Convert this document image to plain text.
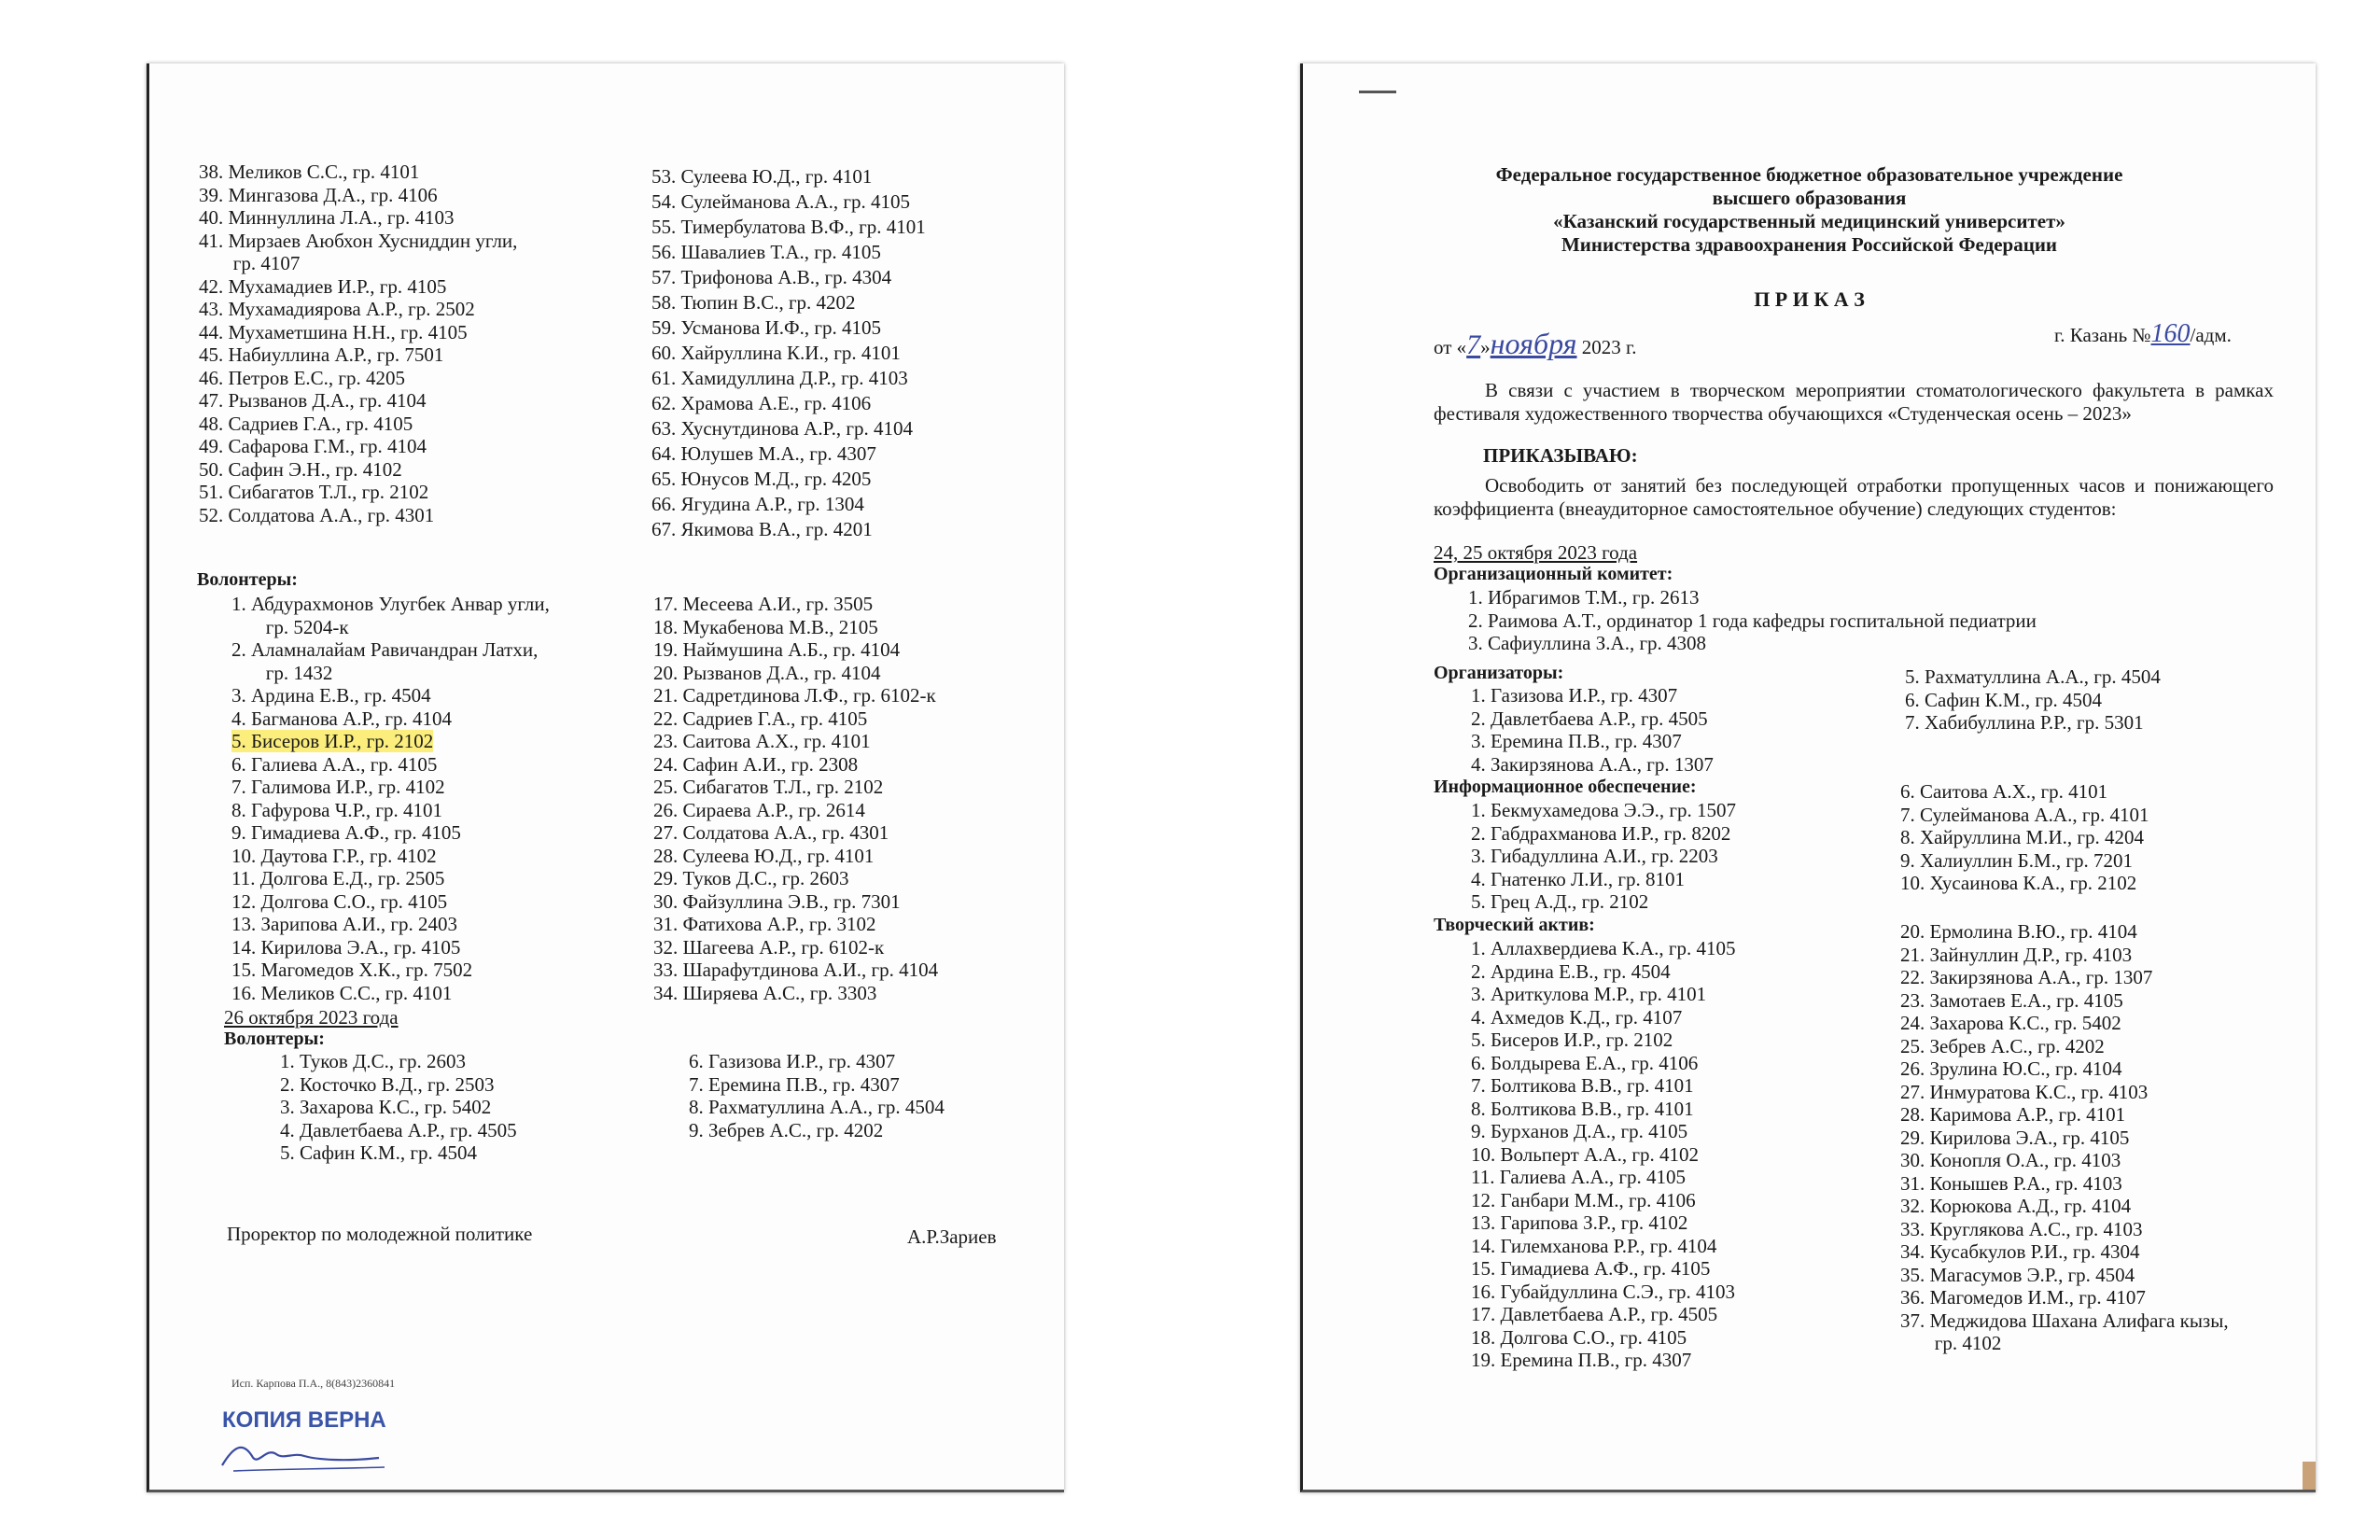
38. Меликов С.С., гр. 4101
39. Мингазова Д.А., гр. 4106
40. Миннуллина Л.А., гр. 4103
41. Мирзаев Аюбхон Хусниддин угли,
гр. 4107
42. Мухамадиев И.Р., гр. 4105
43. Мухамадиярова А.Р., гр. 2502
44. Мухаметшина Н.Н., гр. 4105
45. Набиуллина А.Р., гр. 7501
46. Петров Е.С., гр. 4205
47. Рызванов Д.А., гр. 4104
48. Садриев Г.А., гр. 4105
49. Сафарова Г.М., гр. 4104
50. Сафин Э.Н., гр. 4102
51. Сибагатов Т.Л., гр. 2102
52. Солдатова А.А., гр. 4301
53. Сулеева Ю.Д., гр. 4101
54. Сулейманова А.А., гр. 4105
55. Тимербулатова В.Ф., гр. 4101
56. Шавалиев Т.А., гр. 4105
57. Трифонова А.В., гр. 4304
58. Тюпин В.С., гр. 4202
59. Усманова И.Ф., гр. 4105
60. Хайруллина К.И., гр. 4101
61. Хамидуллина Д.Р., гр. 4103
62. Храмова А.Е., гр. 4106
63. Хуснутдинова А.Р., гр. 4104
64. Юлушев М.А., гр. 4307
65. Юнусов М.Д., гр. 4205
66. Ягудина А.Р., гр. 1304
67. Якимова В.А., гр. 4201
Волонтеры:
1. Абдурахмонов Улугбек Анвар угли,
гр. 5204-к
2. Аламналайам Равичандран Латхи,
гр. 1432
3. Ардина Е.В., гр. 4504
4. Багманова А.Р., гр. 4104
5. Бисеров И.Р., гр. 2102
6. Галиева А.А., гр. 4105
7. Галимова И.Р., гр. 4102
8. Гафурова Ч.Р., гр. 4101
9. Гимадиева А.Ф., гр. 4105
10. Даутова Г.Р., гр. 4102
11. Долгова Е.Д., гр. 2505
12. Долгова С.О., гр. 4105
13. Зарипова А.И., гр. 2403
14. Кирилова Э.А., гр. 4105
15. Магомедов Х.К., гр. 7502
16. Меликов С.С., гр. 4101
17. Месеева А.И., гр. 3505
18. Мукабенова М.В., 2105
19. Наймушина А.Б., гр. 4104
20. Рызванов Д.А., гр. 4104
21. Садретдинова Л.Ф., гр. 6102-к
22. Садриев Г.А., гр. 4105
23. Саитова А.Х., гр. 4101
24. Сафин А.И., гр. 2308
25. Сибагатов Т.Л., гр. 2102
26. Сираева А.Р., гр. 2614
27. Солдатова А.А., гр. 4301
28. Сулеева Ю.Д., гр. 4101
29. Туков Д.С., гр. 2603
30. Файзуллина Э.В., гр. 7301
31. Фатихова А.Р., гр. 3102
32. Шагеева А.Р., гр. 6102-к
33. Шарафутдинова А.И., гр. 4104
34. Ширяева А.С., гр. 3303
26 октября 2023 года
Волонтеры:
1. Туков Д.С., гр. 2603
2. Косточко В.Д., гр. 2503
3. Захарова К.С., гр. 5402
4. Давлетбаева А.Р., гр. 4505
5. Сафин К.М., гр. 4504
6. Газизова И.Р., гр. 4307
7. Еремина П.В., гр. 4307
8. Рахматуллина А.А., гр. 4504
9. Зебрев А.С., гр. 4202
Проректор по молодежной политике	А.Р.Зариев
Исп. Карпова П.А., 8(843)2360841
КОПИЯ ВЕРНА
Федеральное государственное бюджетное образовательное учреждение
высшего образования
«Казанский государственный медицинский университет»
Министерства здравоохранения Российской Федерации
П Р И К А З
от «7»ноября 2023 г.
г. Казань №160/адм.
В связи с участием в творческом мероприятии стоматологического факультета в рамках фестиваля художественного творчества обучающихся «Студенческая осень – 2023»
ПРИКАЗЫВАЮ:
Освободить от занятий без последующей отработки пропущенных часов и понижающего коэффициента (внеаудиторное самостоятельное обучение) следующих студентов:
24, 25 октября 2023 года
Организационный комитет:
1. Ибрагимов Т.М., гр. 2613
2. Раимова А.Т., ординатор 1 года кафедры госпитальной педиатрии
3. Сафиуллина З.А., гр. 4308
Организаторы:
1. Газизова И.Р., гр. 4307
2. Давлетбаева А.Р., гр. 4505
3. Еремина П.В., гр. 4307
4. Закирзянова А.А., гр. 1307
5. Рахматуллина А.А., гр. 4504
6. Сафин К.М., гр. 4504
7. Хабибуллина Р.Р., гр. 5301
Информационное обеспечение:
1. Бекмухамедова Э.Э., гр. 1507
2. Габдрахманова И.Р., гр. 8202
3. Гибадуллина А.И., гр. 2203
4. Гнатенко Л.И., гр. 8101
5. Грец А.Д., гр. 2102
6. Саитова А.Х., гр. 4101
7. Сулейманова А.А., гр. 4101
8. Хайруллина М.И., гр. 4204
9. Халиуллин Б.М., гр. 7201
10. Хусаинова К.А., гр. 2102
Творческий актив:
1. Аллахвердиева К.А., гр. 4105
2. Ардина Е.В., гр. 4504
3. Ариткулова М.Р., гр. 4101
4. Ахмедов К.Д., гр. 4107
5. Бисеров И.Р., гр. 2102
6. Болдырева Е.А., гр. 4106
7. Болтикова В.В., гр. 4101
8. Болтикова В.В., гр. 4101
9. Бурханов Д.А., гр. 4105
10. Вольперт А.А., гр. 4102
11. Галиева А.А., гр. 4105
12. Ганбари М.М., гр. 4106
13. Гарипова З.Р., гр. 4102
14. Гилемханова Р.Р., гр. 4104
15. Гимадиева А.Ф., гр. 4105
16. Губайдуллина С.Э., гр. 4103
17. Давлетбаева А.Р., гр. 4505
18. Долгова С.О., гр. 4105
19. Еремина П.В., гр. 4307
20. Ермолина В.Ю., гр. 4104
21. Зайнуллин Д.Р., гр. 4103
22. Закирзянова А.А., гр. 1307
23. Замотаев Е.А., гр. 4105
24. Захарова К.С., гр. 5402
25. Зебрев А.С., гр. 4202
26. Зрулина Ю.С., гр. 4104
27. Инмуратова К.С., гр. 4103
28. Каримова А.Р., гр. 4101
29. Кирилова Э.А., гр. 4105
30. Конопля О.А., гр. 4103
31. Конышев Р.А., гр. 4103
32. Корюкова А.Д., гр. 4104
33. Круглякова А.С., гр. 4103
34. Кусабкулов Р.И., гр. 4304
35. Магасумов Э.Р., гр. 4504
36. Магомедов И.М., гр. 4107
37. Меджидова Шахана Алифага кызы,
гр. 4102
